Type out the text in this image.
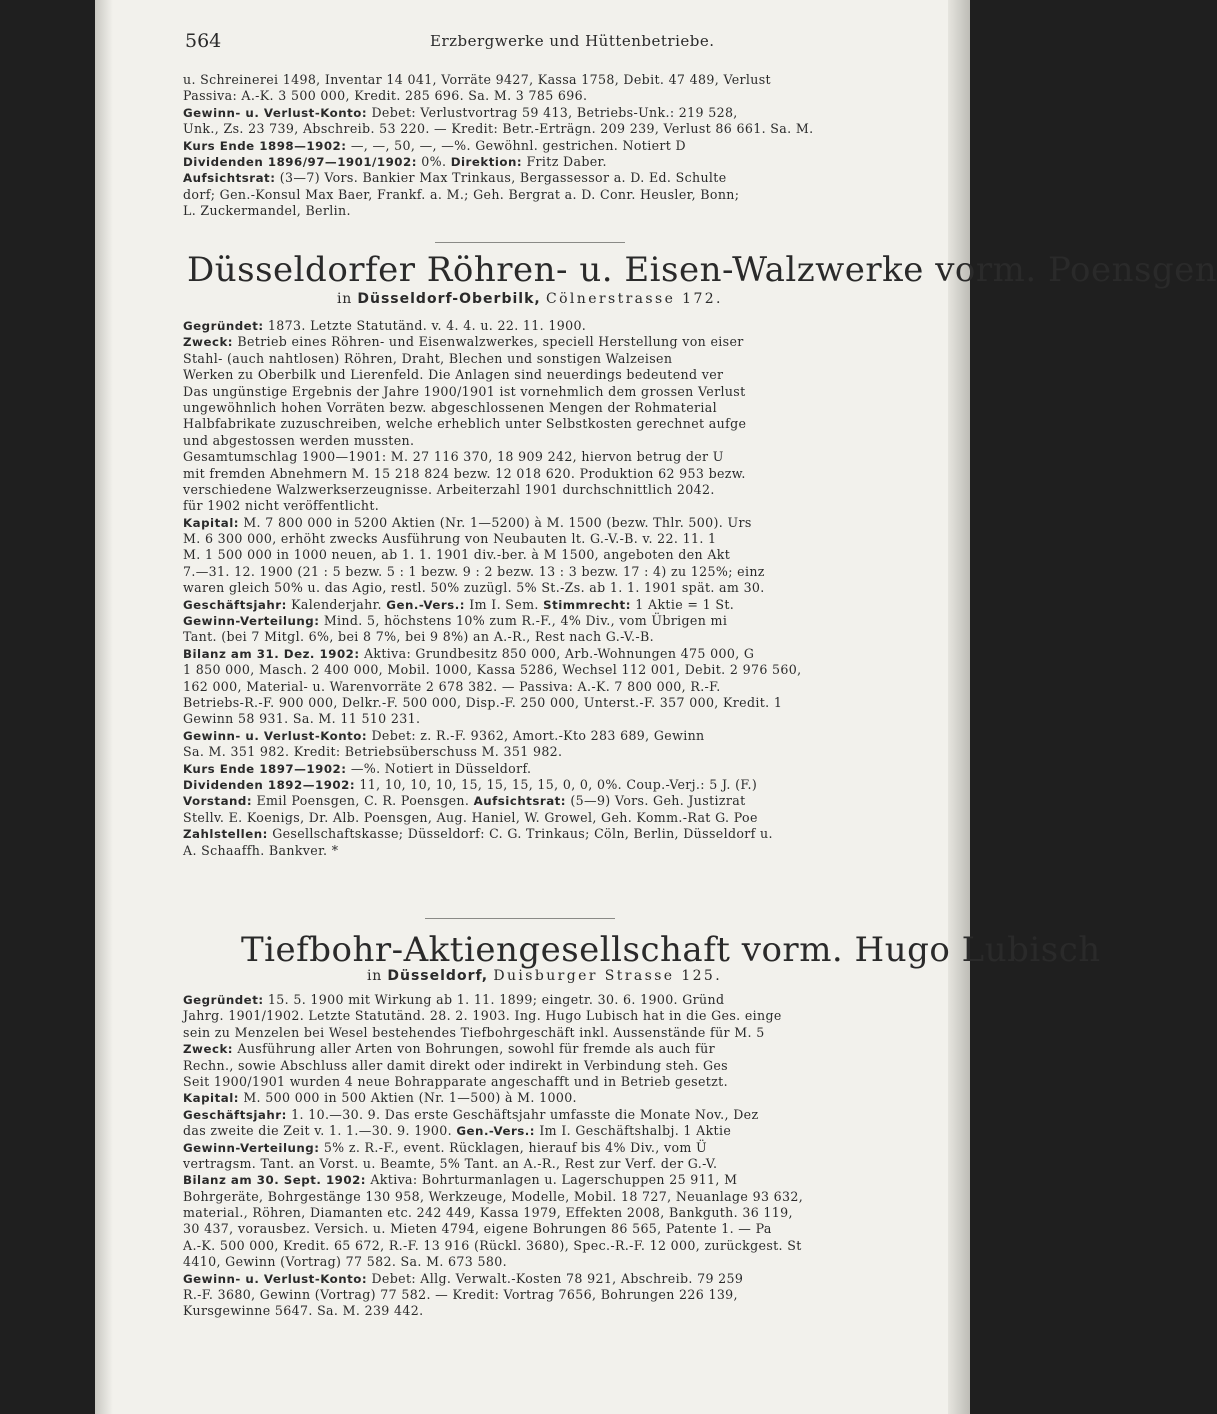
564	Erzbergwerke und Hüttenbetriebe.
u. Schreinerei 1498, Inventar 14 041, Vorräte 9427, Kassa 1758, Debit. 47 489, Verlust
Passiva: A.-K. 3 500 000, Kredit. 285 696. Sa. M. 3 785 696.
Gewinn- u. Verlust-Konto: Debet: Verlustvortrag 59 413, Betriebs-Unk.: 219 528,
Unk., Zs. 23 739, Abschreib. 53 220. — Kredit: Betr.-Erträgn. 209 239, Verlust 86 661. Sa. M.
Kurs Ende 1898—1902: —, —, 50, —, —%. Gewöhnl. gestrichen. Notiert D
Dividenden 1896/97—1901/1902: 0%. Direktion: Fritz Daber.
Aufsichtsrat: (3—7) Vors. Bankier Max Trinkaus, Bergassessor a. D. Ed. Schulte
dorf; Gen.-Konsul Max Baer, Frankf. a. M.; Geh. Bergrat a. D. Conr. Heusler, Bonn;
L. Zuckermandel, Berlin.
Düsseldorfer Röhren- u. Eisen-Walzwerke vorm. Poensgen
in Düsseldorf-Oberbilk, Cölnerstrasse 172.
Gegründet: 1873. Letzte Statutänd. v. 4. 4. u. 22. 11. 1900.
Zweck: Betrieb eines Röhren- und Eisenwalzwerkes, speciell Herstellung von eiser
Stahl- (auch nahtlosen) Röhren, Draht, Blechen und sonstigen Walzeisen
Werken zu Oberbilk und Lierenfeld. Die Anlagen sind neuerdings bedeutend ver
Das ungünstige Ergebnis der Jahre 1900/1901 ist vornehmlich dem grossen Verlust
ungewöhnlich hohen Vorräten bezw. abgeschlossenen Mengen der Rohmaterial
Halbfabrikate zuzuschreiben, welche erheblich unter Selbstkosten gerechnet aufge
und abgestossen werden mussten.
Gesamtumschlag 1900—1901: M. 27 116 370, 18 909 242, hiervon betrug der U
mit fremden Abnehmern M. 15 218 824 bezw. 12 018 620. Produktion 62 953 bezw.
verschiedene Walzwerkserzeugnisse. Arbeiterzahl 1901 durchschnittlich 2042.
für 1902 nicht veröffentlicht.
Kapital: M. 7 800 000 in 5200 Aktien (Nr. 1—5200) à M. 1500 (bezw. Thlr. 500). Urs
M. 6 300 000, erhöht zwecks Ausführung von Neubauten lt. G.-V.-B. v. 22. 11. 1
M. 1 500 000 in 1000 neuen, ab 1. 1. 1901 div.-ber. à M 1500, angeboten den Akt
7.—31. 12. 1900 (21 : 5 bezw. 5 : 1 bezw. 9 : 2 bezw. 13 : 3 bezw. 17 : 4) zu 125%; einz
waren gleich 50% u. das Agio, restl. 50% zuzügl. 5% St.-Zs. ab 1. 1. 1901 spät. am 30.
Geschäftsjahr: Kalenderjahr. Gen.-Vers.: Im I. Sem. Stimmrecht: 1 Aktie = 1 St.
Gewinn-Verteilung: Mind. 5, höchstens 10% zum R.-F., 4% Div., vom Übrigen mi
Tant. (bei 7 Mitgl. 6%, bei 8 7%, bei 9 8%) an A.-R., Rest nach G.-V.-B.
Bilanz am 31. Dez. 1902: Aktiva: Grundbesitz 850 000, Arb.-Wohnungen 475 000, G
1 850 000, Masch. 2 400 000, Mobil. 1000, Kassa 5286, Wechsel 112 001, Debit. 2 976 560,
162 000, Material- u. Warenvorräte 2 678 382. — Passiva: A.-K. 7 800 000, R.-F.
Betriebs-R.-F. 900 000, Delkr.-F. 500 000, Disp.-F. 250 000, Unterst.-F. 357 000, Kredit. 1
Gewinn 58 931. Sa. M. 11 510 231.
Gewinn- u. Verlust-Konto: Debet: z. R.-F. 9362, Amort.-Kto 283 689, Gewinn
Sa. M. 351 982. Kredit: Betriebsüberschuss M. 351 982.
Kurs Ende 1897—1902: —%. Notiert in Düsseldorf.
Dividenden 1892—1902: 11, 10, 10, 10, 15, 15, 15, 15, 0, 0, 0%. Coup.-Verj.: 5 J. (F.)
Vorstand: Emil Poensgen, C. R. Poensgen. Aufsichtsrat: (5—9) Vors. Geh. Justizrat
Stellv. E. Koenigs, Dr. Alb. Poensgen, Aug. Haniel, W. Growel, Geh. Komm.-Rat G. Poe
Zahlstellen: Gesellschaftskasse; Düsseldorf: C. G. Trinkaus; Cöln, Berlin, Düsseldorf u.
A. Schaaffh. Bankver. *
Tiefbohr-Aktiengesellschaft vorm. Hugo Lubisch
in Düsseldorf, Duisburger Strasse 125.
Gegründet: 15. 5. 1900 mit Wirkung ab 1. 11. 1899; eingetr. 30. 6. 1900. Gründ
Jahrg. 1901/1902. Letzte Statutänd. 28. 2. 1903. Ing. Hugo Lubisch hat in die Ges. einge
sein zu Menzelen bei Wesel bestehendes Tiefbohrgeschäft inkl. Aussenstände für M. 5
Zweck: Ausführung aller Arten von Bohrungen, sowohl für fremde als auch für
Rechn., sowie Abschluss aller damit direkt oder indirekt in Verbindung steh. Ges
Seit 1900/1901 wurden 4 neue Bohrapparate angeschafft und in Betrieb gesetzt.
Kapital: M. 500 000 in 500 Aktien (Nr. 1—500) à M. 1000.
Geschäftsjahr: 1. 10.—30. 9. Das erste Geschäftsjahr umfasste die Monate Nov., Dez
das zweite die Zeit v. 1. 1.—30. 9. 1900. Gen.-Vers.: Im I. Geschäftshalbj. 1 Aktie
Gewinn-Verteilung: 5% z. R.-F., event. Rücklagen, hierauf bis 4% Div., vom Ü
vertragsm. Tant. an Vorst. u. Beamte, 5% Tant. an A.-R., Rest zur Verf. der G.-V.
Bilanz am 30. Sept. 1902: Aktiva: Bohrturmanlagen u. Lagerschuppen 25 911, M
Bohrgeräte, Bohrgestänge 130 958, Werkzeuge, Modelle, Mobil. 18 727, Neuanlage 93 632,
material., Röhren, Diamanten etc. 242 449, Kassa 1979, Effekten 2008, Bankguth. 36 119,
30 437, vorausbez. Versich. u. Mieten 4794, eigene Bohrungen 86 565, Patente 1. — Pa
A.-K. 500 000, Kredit. 65 672, R.-F. 13 916 (Rückl. 3680), Spec.-R.-F. 12 000, zurückgest. St
4410, Gewinn (Vortrag) 77 582. Sa. M. 673 580.
Gewinn- u. Verlust-Konto: Debet: Allg. Verwalt.-Kosten 78 921, Abschreib. 79 259
R.-F. 3680, Gewinn (Vortrag) 77 582. — Kredit: Vortrag 7656, Bohrungen 226 139,
Kursgewinne 5647. Sa. M. 239 442.
